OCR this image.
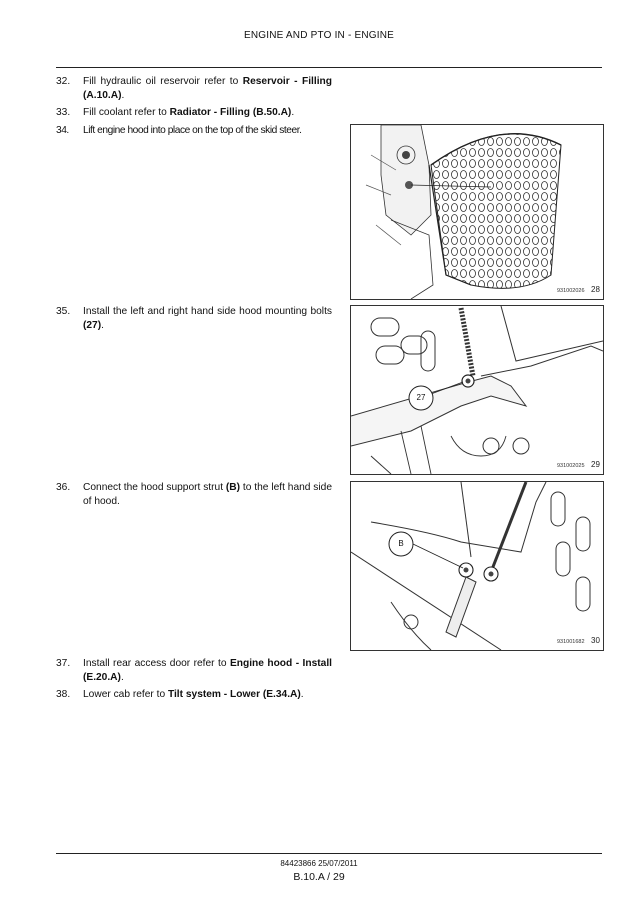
ENGINE AND PTO IN - ENGINE
32.	Fill hydraulic oil reservoir refer to Reservoir - Filling (A.10.A).
33.	Fill coolant refer to Radiator - Filling (B.50.A).
34.	Lift engine hood into place on the top of the skid steer.
35.	Install the left and right hand side hood mounting bolts (27).
36.	Connect the hood support strut (B) to the left hand side of hood.
37.	Install rear access door refer to Engine hood - Install (E.20.A).
38.	Lower cab refer to Tilt system - Lower (E.34.A).
931002026 28
27
931002025 29
B
931001682 30
84423866 25/07/2011
B.10.A / 29
